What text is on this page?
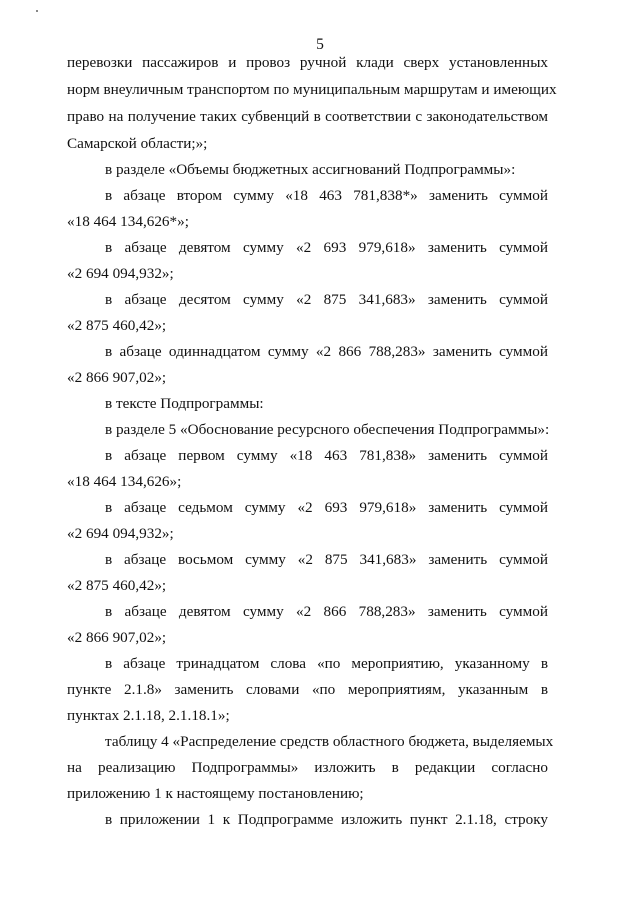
5
перевозки пассажиров и провоз ручной клади сверх установленных
норм внеуличным транспортом по муниципальным маршрутам и имеющих
право на получение таких субвенций в соответствии с законодательством
Самарской области;»;
в разделе «Объемы бюджетных ассигнований Подпрограммы»:
в абзаце втором сумму «18 463 781,838*» заменить суммой
«18 464 134,626*»;
в абзаце девятом сумму «2 693 979,618» заменить суммой
«2 694 094,932»;
в абзаце десятом сумму «2 875 341,683» заменить суммой
«2 875 460,42»;
в абзаце одиннадцатом сумму «2 866 788,283» заменить суммой
«2 866 907,02»;
в тексте Подпрограммы:
в разделе 5 «Обоснование ресурсного обеспечения Подпрограммы»:
в абзаце первом сумму «18 463 781,838» заменить суммой
«18 464 134,626»;
в абзаце седьмом сумму «2 693 979,618» заменить суммой
«2 694 094,932»;
в абзаце восьмом сумму «2 875 341,683» заменить суммой
«2 875 460,42»;
в абзаце девятом сумму «2 866 788,283» заменить суммой
«2 866 907,02»;
в абзаце тринадцатом слова «по мероприятию, указанному в
пункте 2.1.8» заменить словами «по мероприятиям, указанным в
пунктах 2.1.18, 2.1.18.1»;
таблицу 4 «Распределение средств областного бюджета, выделяемых
на реализацию Подпрограммы» изложить в редакции согласно
приложению 1 к настоящему постановлению;
в приложении 1 к Подпрограмме изложить пункт 2.1.18, строку
